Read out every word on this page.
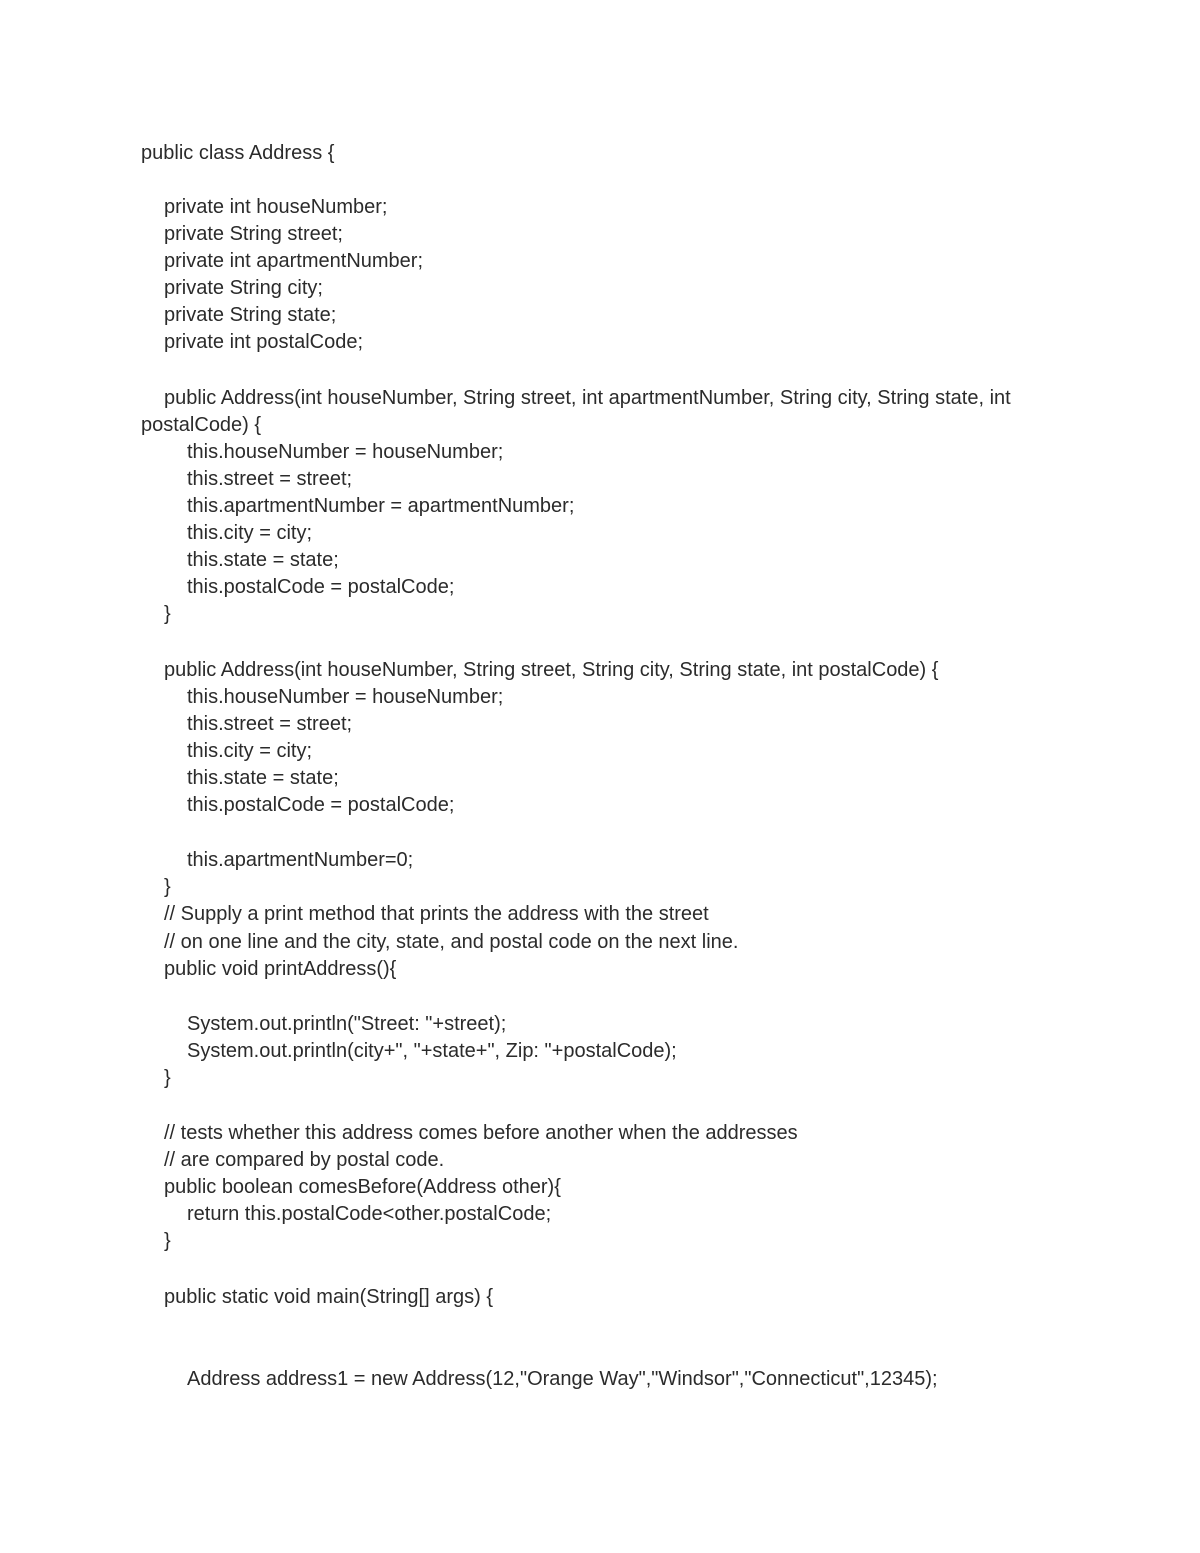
public class Address {
private int houseNumber;
private String street;
private int apartmentNumber;
private String city;
private String state;
private int postalCode;
public Address(int houseNumber, String street, int apartmentNumber, String city, String state, int
postalCode) {
this.houseNumber = houseNumber;
this.street = street;
this.apartmentNumber = apartmentNumber;
this.city = city;
this.state = state;
this.postalCode = postalCode;
}
public Address(int houseNumber, String street, String city, String state, int postalCode) {
this.houseNumber = houseNumber;
this.street = street;
this.city = city;
this.state = state;
this.postalCode = postalCode;
this.apartmentNumber=0;
}
// Supply a print method that prints the address with the street
// on one line and the city, state, and postal code on the next line.
public void printAddress(){
System.out.println("Street: "+street);
System.out.println(city+", "+state+", Zip: "+postalCode);
}
// tests whether this address comes before another when the addresses
// are compared by postal code.
public boolean comesBefore(Address other){
return this.postalCode<other.postalCode;
}
public static void main(String[] args) {
Address address1 = new Address(12,"Orange Way","Windsor","Connecticut",12345);
